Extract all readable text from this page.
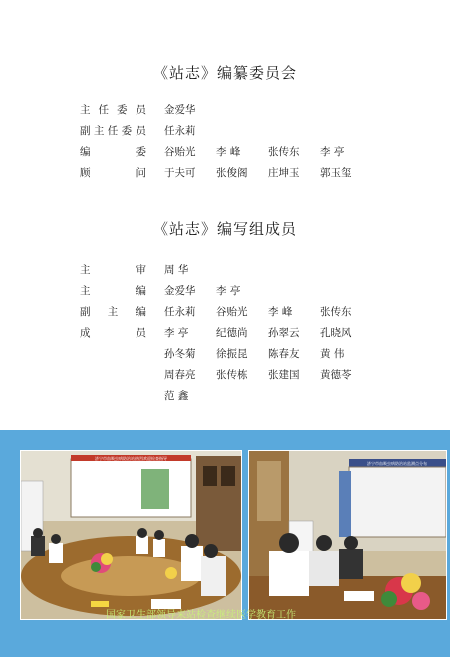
《站志》编纂委员会
主任委员 金爱华
副主任委员 任永莉
编委 谷贻光 李 峰	张传东 李 亭
顾问 于夫可 张俊阁 庄坤玉 郭玉玺
《站志》编写组成员
主审 周 华
主编 金爱华 李 亭
副主编 任永莉 谷贻光 李 峰	张传东
成员 李 亭	纪德尚 孙翠云 孔晓风
孙冬菊 徐振昆 陈春友 黄 伟
周春亮 张传栋 张建国 黄德苓
范 鑫
济宁市血吸虫病防治站热烈欢迎检查指导
济宁市血吸虫病防治站监测点分布
国家卫生部领导来站检查继续医学教育工作
